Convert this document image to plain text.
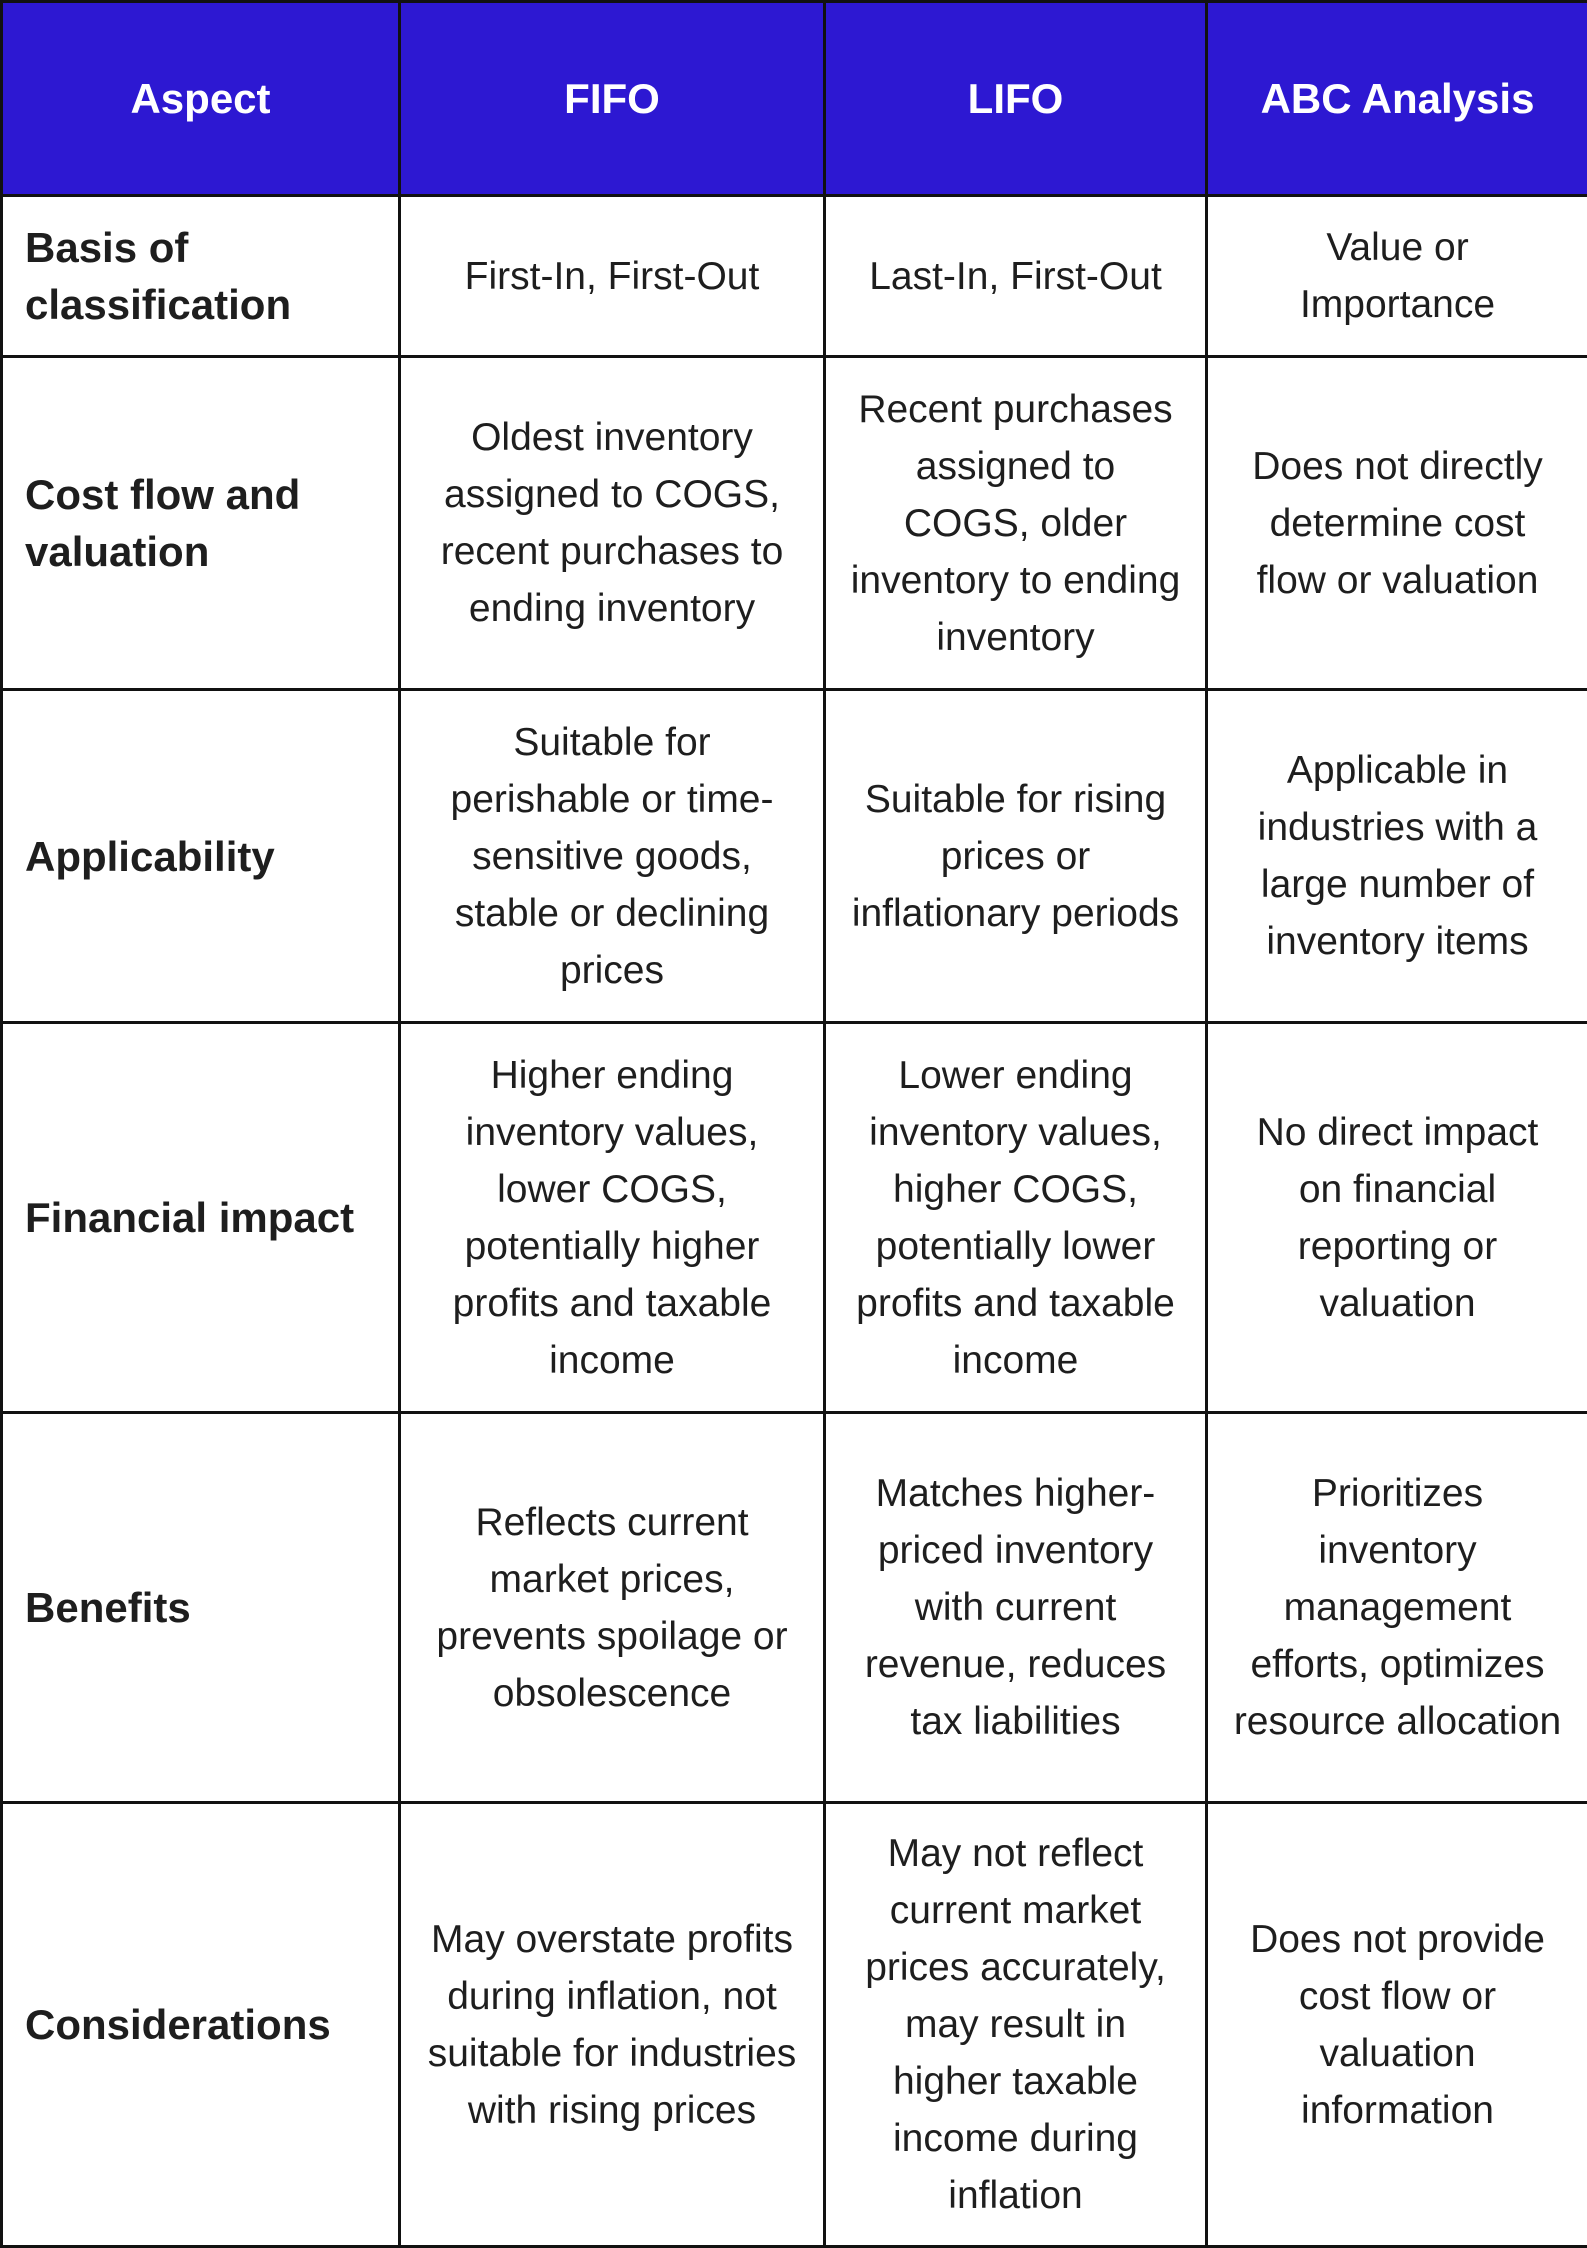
Aspect	FIFO	LIFO	ABC Analysis
Basis of classification	First-In, First-Out	Last-In, First-Out	Value or Importance
Cost flow and valuation	Oldest inventory assigned to COGS, recent purchases to ending inventory	Recent purchases assigned to COGS, older inventory to ending inventory	Does not directly determine cost flow or valuation
Applicability	Suitable for perishable or time-sensitive goods, stable or declining prices	Suitable for rising prices or inflationary periods	Applicable in industries with a large number of inventory items
Financial impact	Higher ending inventory values, lower COGS, potentially higher profits and taxable income	Lower ending inventory values, higher COGS, potentially lower profits and taxable income	No direct impact on financial reporting or valuation
Benefits	Reflects current market prices, prevents spoilage or obsolescence	Matches higher-priced inventory with current revenue, reduces tax liabilities	Prioritizes inventory management efforts, optimizes resource allocation
Considerations	May overstate profits during inflation, not suitable for industries with rising prices	May not reflect current market prices accurately, may result in higher taxable income during inflation	Does not provide cost flow or valuation information
